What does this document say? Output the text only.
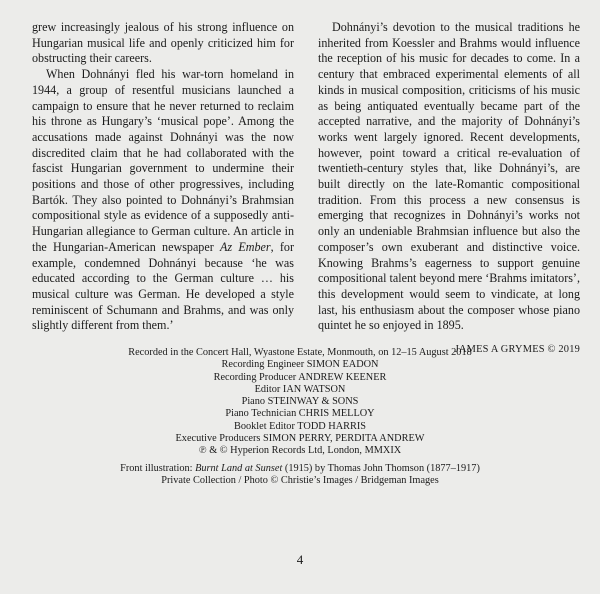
grew increasingly jealous of his strong influence on Hungarian musical life and openly criticized him for obstructing their careers.

When Dohnányi fled his war-torn homeland in 1944, a group of resentful musicians launched a campaign to ensure that he never returned to reclaim his throne as Hungary’s ‘musical pope’. Among the accusations made against Dohnányi was the now discredited claim that he had collaborated with the fascist Hungarian government to undermine their positions and those of other progressives, including Bartók. They also pointed to Dohnányi’s Brahmsian compositional style as evidence of a supposedly anti-Hungarian allegiance to German culture. An article in the Hungarian-American newspaper Az Ember, for example, condemned Dohnányi because ‘he was educated according to the German culture … his musical culture was German. He developed a style reminiscent of Schumann and Brahms, and was only slightly different from them.’

Dohnányi’s devotion to the musical traditions he inherited from Koessler and Brahms would influence the reception of his music for decades to come. In a century that embraced experimental elements of all kinds in musical composition, criticisms of his music as being antiquated eventually became part of the accepted narrative, and the majority of Dohnányi’s works went largely ignored. Recent developments, however, point toward a critical re-evaluation of twentieth-century styles that, like Dohnányi’s, are built directly on the late-Romantic compositional tradition. From this process a new consensus is emerging that recognizes in Dohnányi’s works not only an undeniable Brahmsian influence but also the composer’s own exuberant and distinctive voice. Knowing Brahms’s eagerness to support genuine compositional talent beyond mere ‘Brahms imitators’, this development would seem to vindicate, at long last, his enthusiasm about the composer whose piano quintet he so enjoyed in 1895.

JAMES A GRYMES © 2019
Recorded in the Concert Hall, Wyastone Estate, Monmouth, on 12–15 August 2018
Recording Engineer SIMON EADON
Recording Producer ANDREW KEENER
Editor IAN WATSON
Piano STEINWAY & SONS
Piano Technician CHRIS MELLOY
Booklet Editor TODD HARRIS
Executive Producers SIMON PERRY, PERDITA ANDREW
℗ & © Hyperion Records Ltd, London, MMXIX
Front illustration: Burnt Land at Sunset (1915) by Thomas John Thomson (1877–1917)
Private Collection / Photo © Christie’s Images / Bridgeman Images
4
